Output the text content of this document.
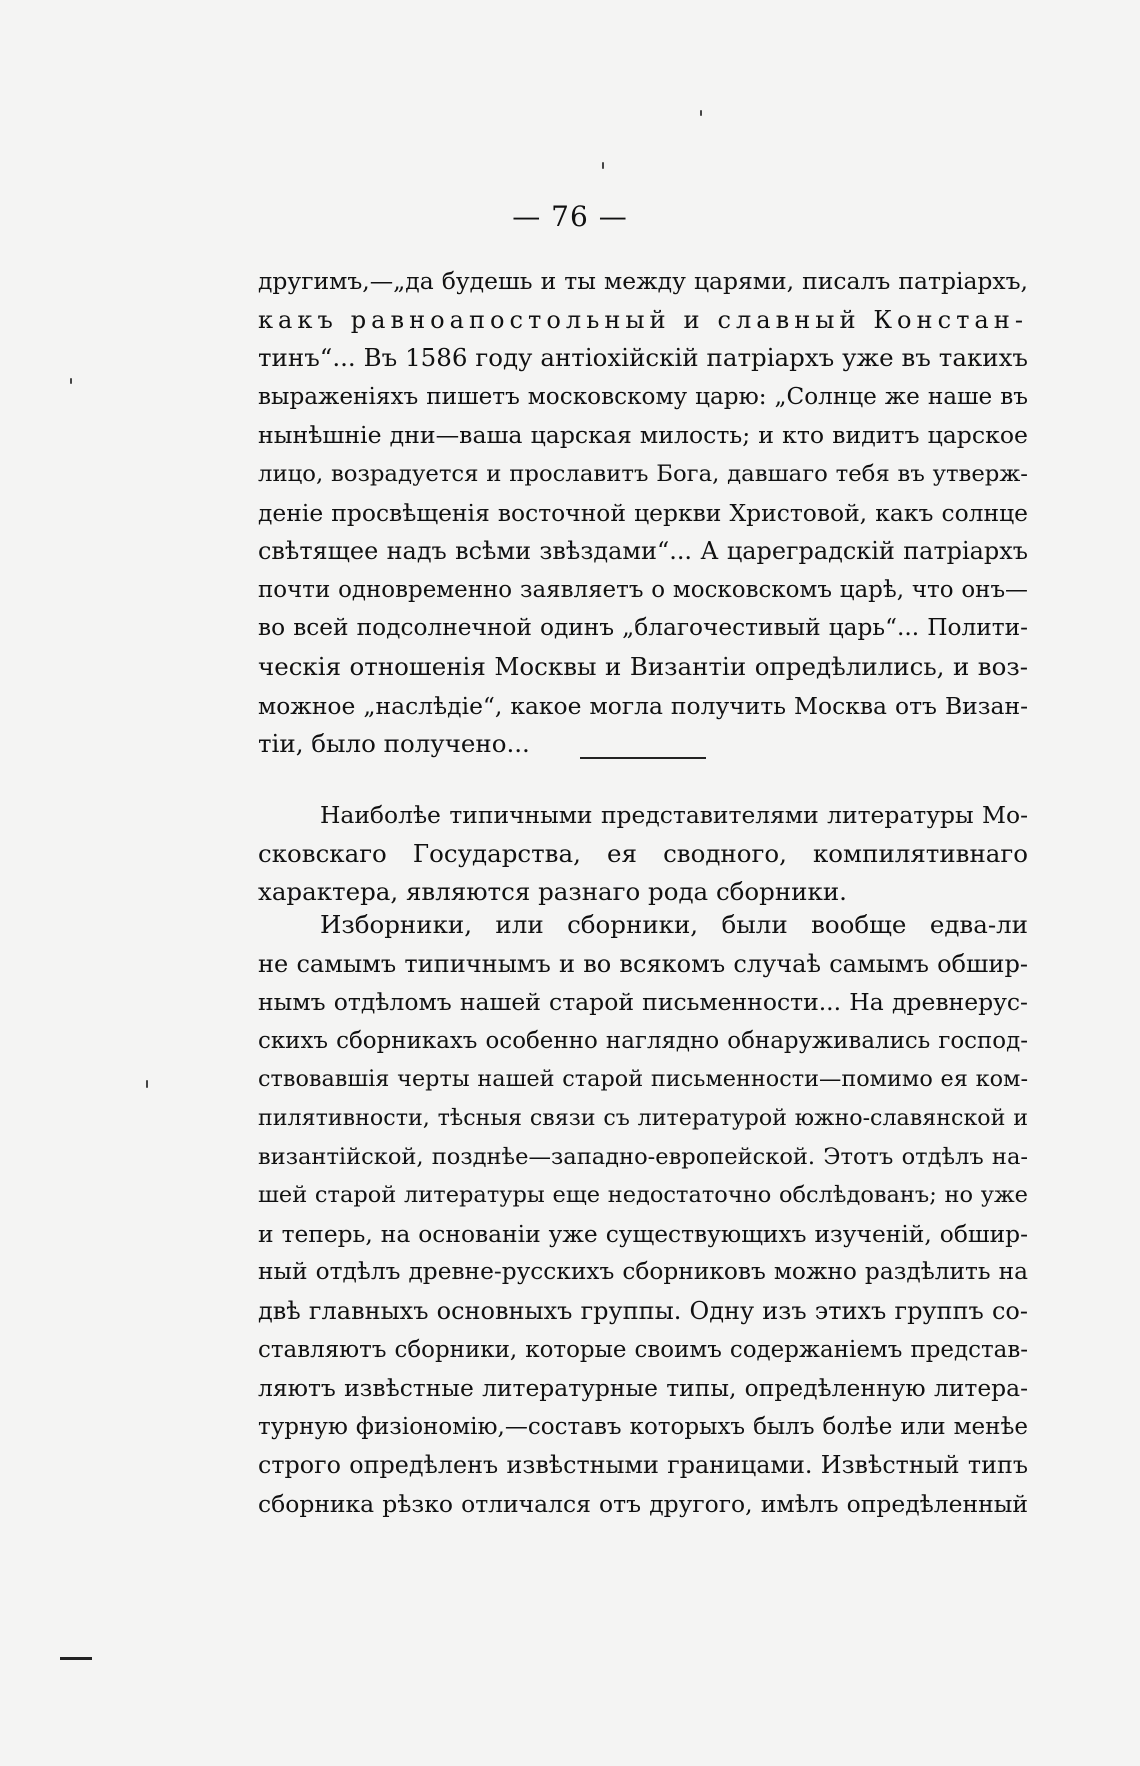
— 76 —
другимъ,—„да будешь и ты между царями, писалъ патріархъ,
какъ равноапостольный и славный Констан-
тинъ“... Въ 1586 году антіохійскій патріархъ уже въ такихъ
выраженіяхъ пишетъ московскому царю: „Солнце же наше въ
нынѣшніе дни—ваша царская милость; и кто видитъ царское
лицо, возрадуется и прославитъ Бога, давшаго тебя въ утверж-
деніе просвѣщенія восточной церкви Христовой, какъ солнце
свѣтящее надъ всѣми звѣздами“... А цареградскій патріархъ
почти одновременно заявляетъ о московскомъ царѣ, что онъ—
во всей подсолнечной одинъ „благочестивый царь“... Полити-
ческія отношенія Москвы и Византіи опредѣлились, и воз-
можное „наслѣдіе“, какое могла получить Москва отъ Визан-
тіи, было получено...
Наиболѣе типичными представителями литературы Мо-
сковскаго Государства, ея сводного, компилятивнаго
характера, являются разнаго рода сборники.
Изборники, или сборники, были вообще едва-ли
не самымъ типичнымъ и во всякомъ случаѣ самымъ обшир-
нымъ отдѣломъ нашей старой письменности... На древнерус-
скихъ сборникахъ особенно наглядно обнаруживались господ-
ствовавшія черты нашей старой письменности—помимо ея ком-
пилятивности, тѣсныя связи съ литературой южно-славянской и
византійской, позднѣе—западно-европейской. Этотъ отдѣлъ на-
шей старой литературы еще недостаточно обслѣдованъ; но уже
и теперь, на основаніи уже существующихъ изученій, обшир-
ный отдѣлъ древне-русскихъ сборниковъ можно раздѣлить на
двѣ главныхъ основныхъ группы. Одну изъ этихъ группъ со-
ставляютъ сборники, которые своимъ содержаніемъ представ-
ляютъ извѣстные литературные типы, опредѣленную литера-
турную физіономію,—составъ которыхъ былъ болѣе или менѣе
строго опредѣленъ извѣстными границами. Извѣстный типъ
сборника рѣзко отличался отъ другого, имѣлъ опредѣленный
